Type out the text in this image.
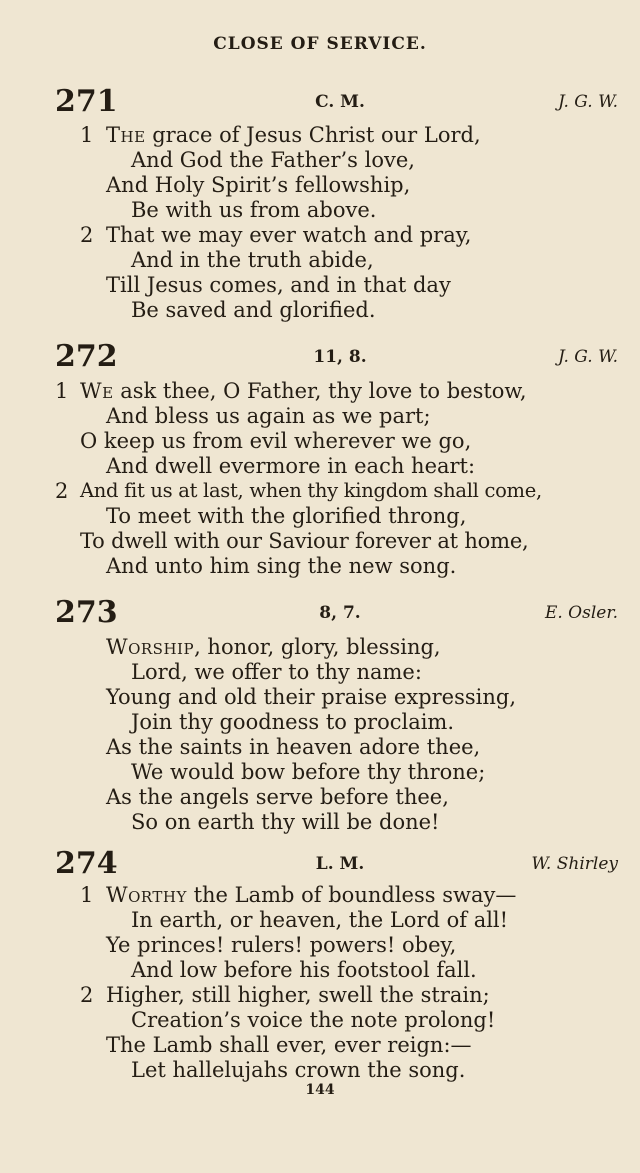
CLOSE OF SERVICE.
271	C. M.	J. G. W.
1 The grace of Jesus Christ our Lord,
And God the Father’s love,
And Holy Spirit’s fellowship,
Be with us from above.
2 That we may ever watch and pray,
And in the truth abide,
Till Jesus comes, and in that day
Be saved and glorified.
272	11, 8.	J. G. W.
1 We ask thee, O Father, thy love to bestow,
And bless us again as we part;
O keep us from evil wherever we go,
And dwell evermore in each heart:
2 And fit us at last, when thy kingdom shall come,
To meet with the glorified throng,
To dwell with our Saviour forever at home,
And unto him sing the new song.
273	8, 7.	E. Osler.
Worship, honor, glory, blessing,
Lord, we offer to thy name:
Young and old their praise expressing,
Join thy goodness to proclaim.
As the saints in heaven adore thee,
We would bow before thy throne;
As the angels serve before thee,
So on earth thy will be done!
274	L. M.	W. Shirley
1 Worthy the Lamb of boundless sway—
In earth, or heaven, the Lord of all!
Ye princes! rulers! powers! obey,
And low before his footstool fall.
2 Higher, still higher, swell the strain;
Creation’s voice the note prolong!
The Lamb shall ever, ever reign:—
Let hallelujahs crown the song.
144
